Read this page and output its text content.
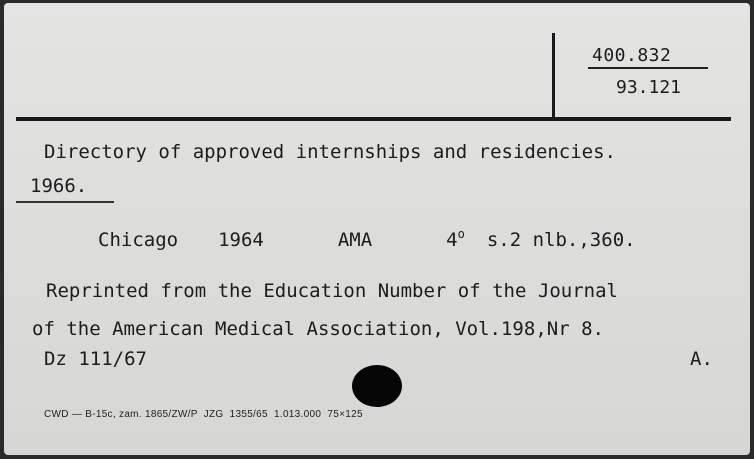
400.832
93.121
Directory of approved internships and residencies.
1966.
Chicago 1964	AMA	4o s.2 nlb.,360.
Reprinted from the Education Number of the Journal
of the American Medical Association, Vol.198,Nr 8.
Dz 111/67	A.
CWD — B-15c, zam. 1865/ZW/P  JZG  1355/65  1.013.000  75×125
